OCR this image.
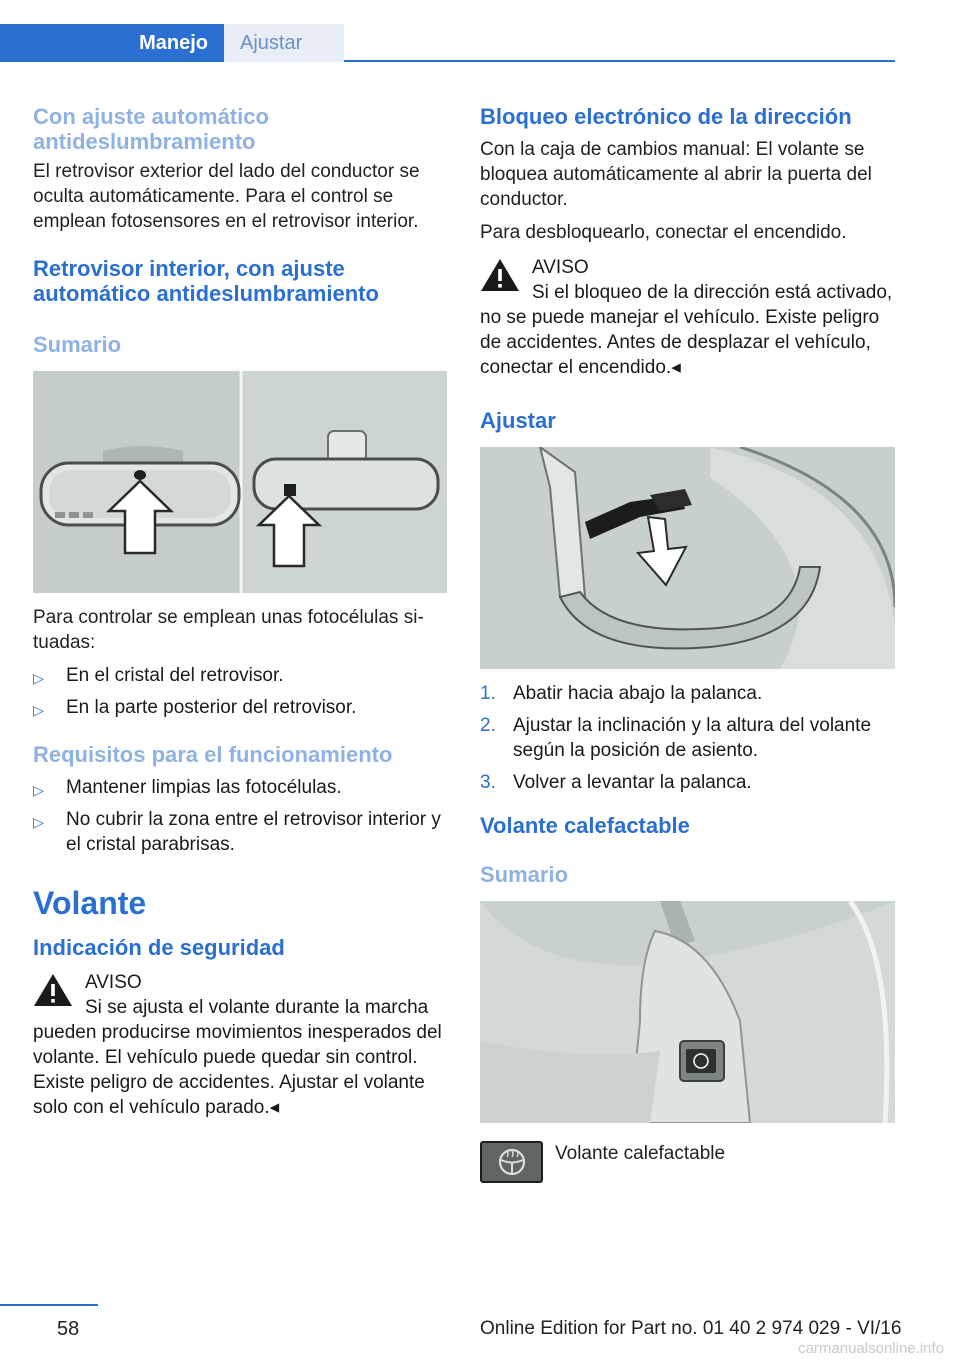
Manejo	Ajustar
Con ajuste automático antideslumbramiento
El retrovisor exterior del lado del conductor se oculta automáticamente. Para el control se emplean fotosensores en el retrovisor interior.
Retrovisor interior, con ajuste automático antideslumbramiento
Sumario
Para controlar se emplean unas fotocélulas situadas:
▷ En el cristal del retrovisor.
▷ En la parte posterior del retrovisor.
Requisitos para el funcionamiento
▷ Mantener limpias las fotocélulas.
▷ No cubrir la zona entre el retrovisor interior y el cristal parabrisas.
Volante
Indicación de seguridad
AVISO
Si se ajusta el volante durante la marcha pueden producirse movimientos inesperados del volante. El vehículo puede quedar sin control. Existe peligro de accidentes. Ajustar el volante solo con el vehículo parado.◂
Bloqueo electrónico de la dirección
Con la caja de cambios manual: El volante se bloquea automáticamente al abrir la puerta del conductor.
Para desbloquearlo, conectar el encendido.
AVISO
Si el bloqueo de la dirección está activado, no se puede manejar el vehículo. Existe peligro de accidentes. Antes de desplazar el vehículo, conectar el encendido.◂
Ajustar
1. Abatir hacia abajo la palanca.
2. Ajustar la inclinación y la altura del volante según la posición de asiento.
3. Volver a levantar la palanca.
Volante calefactable
Sumario
Volante calefactable
58	Online Edition for Part no. 01 40 2 974 029 - VI/16
carmanualsonline.info
